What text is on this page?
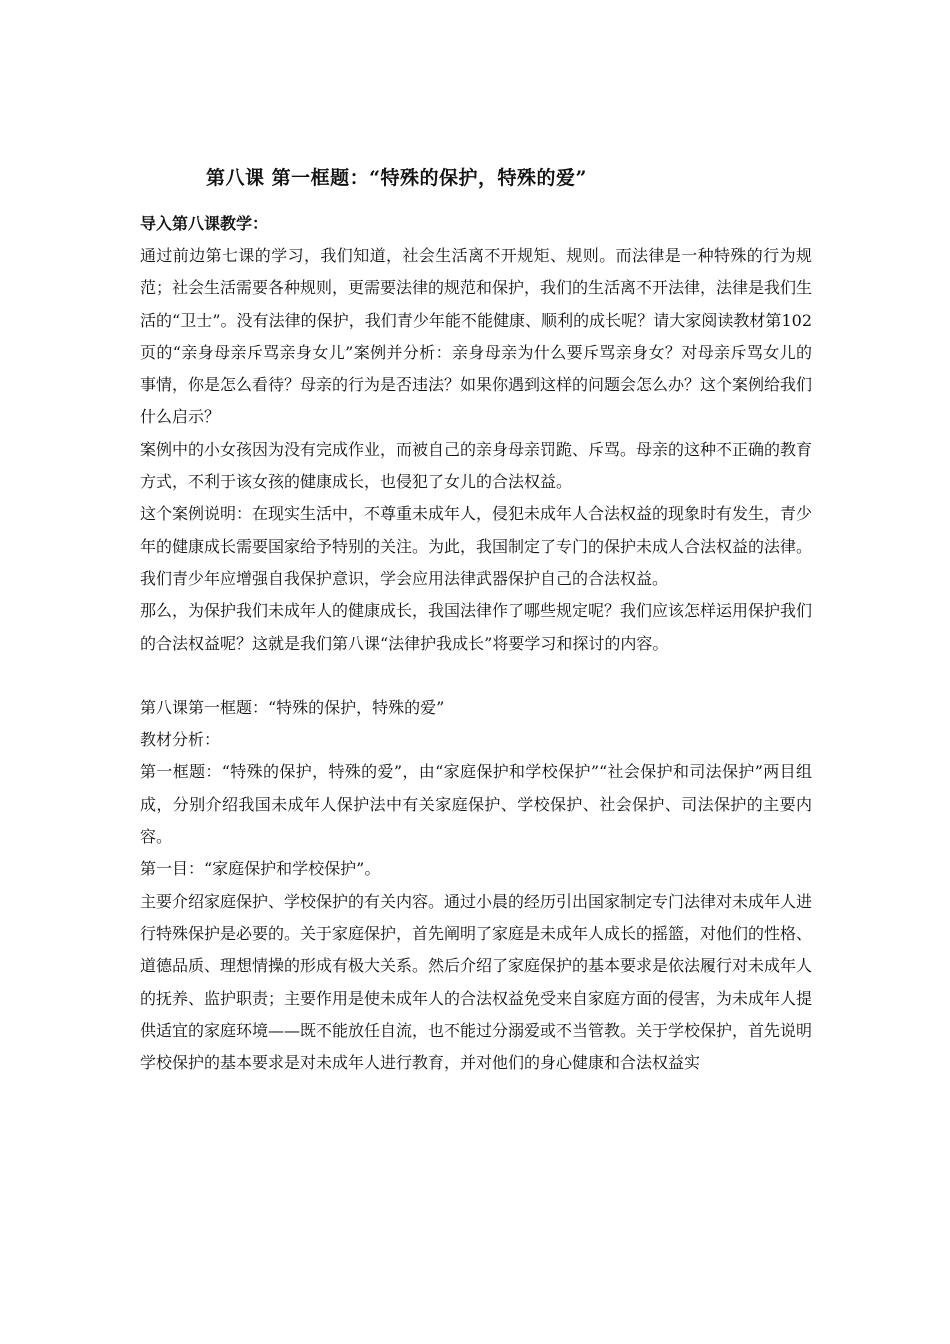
第八课 第一框题：“特殊的保护，特殊的爱”
导入第八课教学：

通过前边第七课的学习，我们知道，社会生活离不开规矩、规则。而法律是一种特殊的行为规范；社会生活需要各种规则，更需要法律的规范和保护，我们的生活离不开法律，法律是我们生活的“卫士”。没有法律的保护，我们青少年能不能健康、顺利的成长呢？请大家阅读教材第102页的“亲身母亲斥骂亲身女儿”案例并分析：亲身母亲为什么要斥骂亲身女？对母亲斥骂女儿的事情，你是怎么看待？母亲的行为是否违法？如果你遇到这样的问题会怎么办？这个案例给我们什么启示？

案例中的小女孩因为没有完成作业，而被自己的亲身母亲罚跪、斥骂。母亲的这种不正确的教育方式，不利于该女孩的健康成长，也侵犯了女儿的合法权益。

这个案例说明：在现实生活中，不尊重未成年人，侵犯未成年人合法权益的现象时有发生，青少年的健康成长需要国家给予特别的关注。为此，我国制定了专门的保护未成人合法权益的法律。我们青少年应增强自我保护意识，学会应用法律武器保护自己的合法权益。

那么，为保护我们未成年人的健康成长，我国法律作了哪些规定呢？我们应该怎样运用保护我们的合法权益呢？这就是我们第八课“法律护我成长”将要学习和探讨的内容。

第八课第一框题：“特殊的保护，特殊的爱”

教材分析：

第一框题：“特殊的保护，特殊的爱”，由“家庭保护和学校保护”“社会保护和司法保护”两目组成，分别介绍我国未成年人保护法中有关家庭保护、学校保护、社会保护、司法保护的主要内容。

第一目：“家庭保护和学校保护”。

主要介绍家庭保护、学校保护的有关内容。通过小晨的经历引出国家制定专门法律对未成年人进行特殊保护是必要的。关于家庭保护，首先阐明了家庭是未成年人成长的摇篮，对他们的性格、道德品质、理想情操的形成有极大关系。然后介绍了家庭保护的基本要求是依法履行对未成年人的抚养、监护职责；主要作用是使未成年人的合法权益免受来自家庭方面的侵害，为未成年人提供适宜的家庭环境——既不能放任自流，也不能过分溺爱或不当管教。关于学校保护，首先说明学校保护的基本要求是对未成年人进行教育，并对他们的身心健康和合法权益实
